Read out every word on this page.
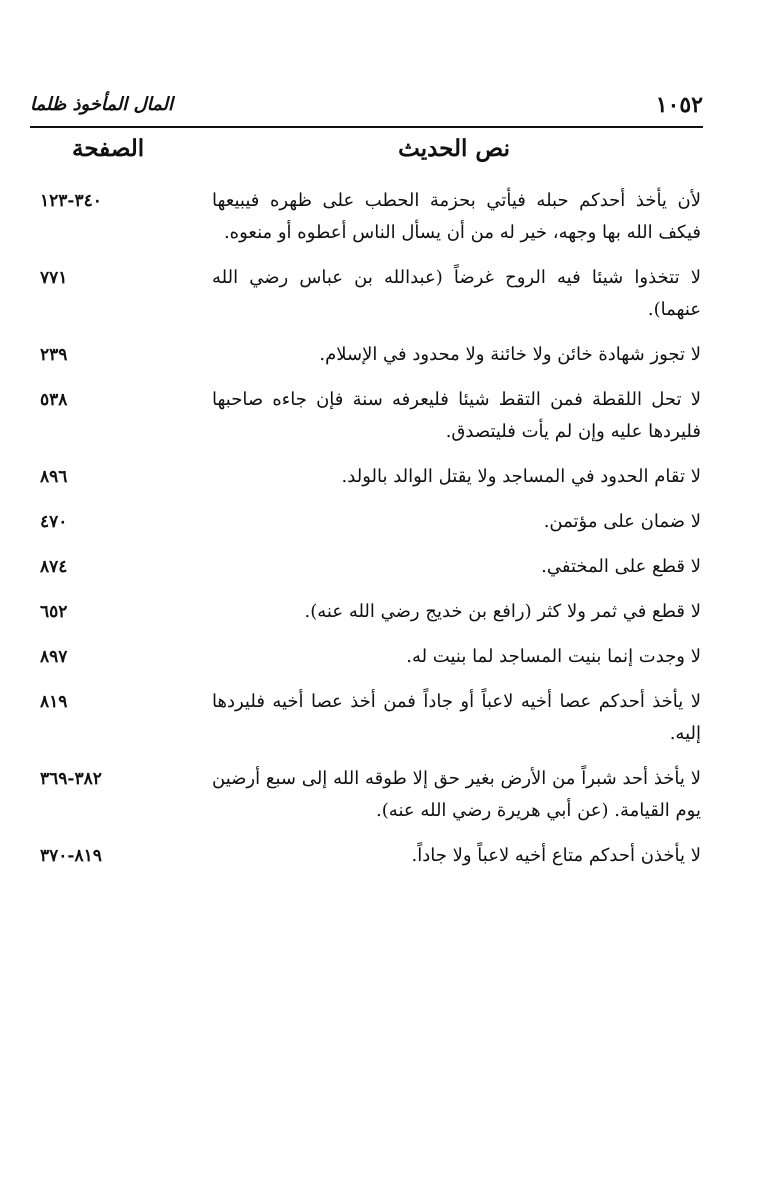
١٠٥٢
المال المأخوذ ظلما
نص الحديث
الصفحة
لأن يأخذ أحدكم حبله فيأتي بحزمة الحطب على ظهره فيبيعها فيكف الله بها وجهه، خير له من أن يسأل الناس أعطوه أو منعوه.
٣٤٠-١٢٣
لا تتخذوا شيئا فيه الروح غرضاً (عبدالله بن عباس رضي الله عنهما).
٧٧١
لا تجوز شهادة خائن ولا خائنة ولا محدود في الإسلام.
٢٣٩
لا تحل اللقطة فمن التقط شيئا فليعرفه سنة فإن جاءه صاحبها فليردها عليه وإن لم يأت فليتصدق.
٥٣٨
لا تقام الحدود في المساجد ولا يقتل الوالد بالولد.
٨٩٦
لا ضمان على مؤتمن.
٤٧٠
لا قطع على المختفي.
٨٧٤
لا قطع في ثمر ولا كثر (رافع بن خديج رضي الله عنه).
٦٥٢
لا وجدت إنما بنيت المساجد لما بنيت له.
٨٩٧
لا يأخذ أحدكم عصا أخيه لاعباً أو جاداً فمن أخذ عصا أخيه فليردها إليه.
٨١٩
لا يأخذ أحد شبراً من الأرض بغير حق إلا طوقه الله إلى سبع أرضين يوم القيامة. (عن أبي هريرة رضي الله عنه).
٣٨٢-٣٦٩
لا يأخذن أحدكم متاع أخيه لاعباً ولا جاداً.
٨١٩-٣٧٠
